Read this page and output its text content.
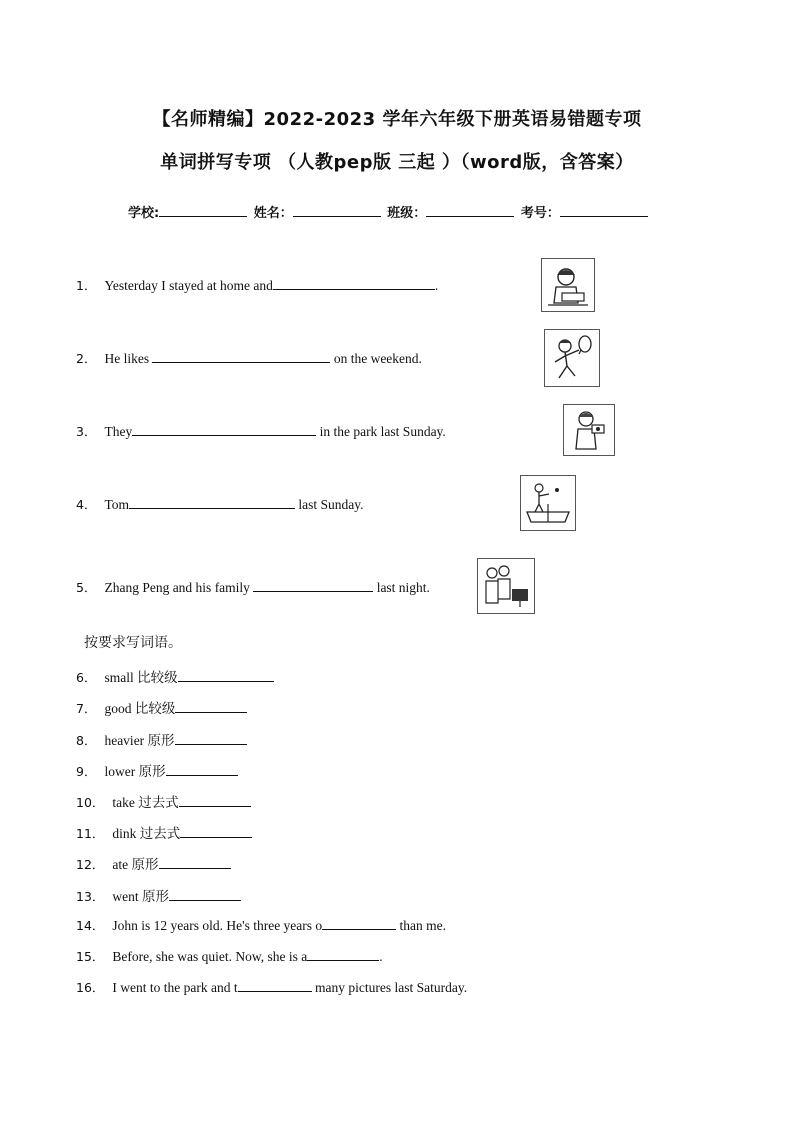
【名师精编】2022-2023 学年六年级下册英语易错题专项
单词拼写专项 （人教pep版 三起 ）（word版，含答案）
学校:	姓名：	班级：	考号：
1． Yesterday I stayed at home and	.
2． He likes	on the weekend.
3． They	in the park last Sunday.
4． Tom	last Sunday.
5． Zhang Peng and his family	last night.
按要求写词语。
6． small 比较级
7． good 比较级
8． heavier 原形
9． lower 原形
10． take 过去式
11． dink 过去式
12． ate 原形
13． went 原形
14． John is 12 years old. He's three years o	than me.
15． Before, she was quiet. Now, she is a	.
16． I went to the park and t	many pictures last Saturday.
